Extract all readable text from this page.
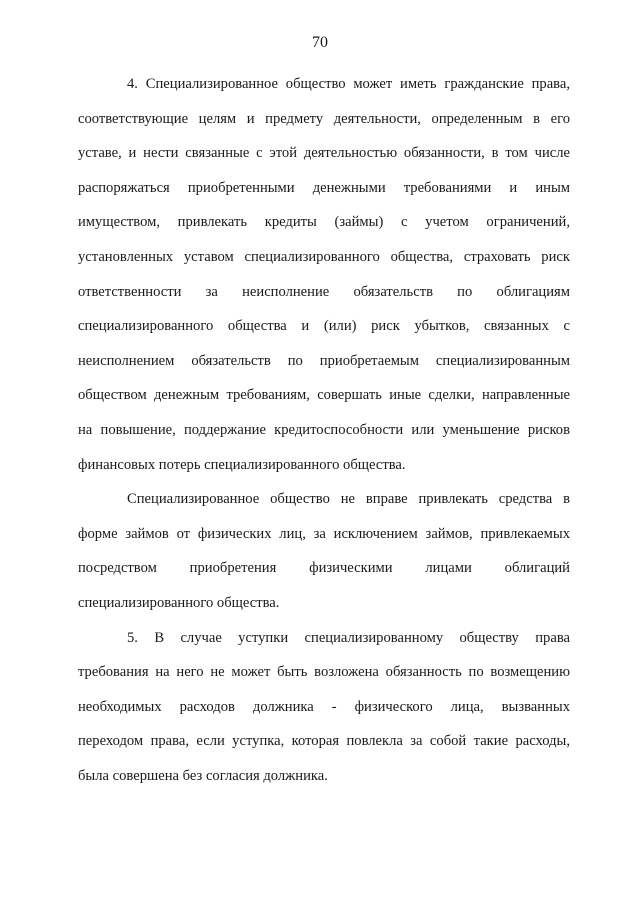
70

4. Специализированное общество может иметь гражданские права,
соответствующие целям и предмету деятельности, определенным в его
уставе, и нести связанные с этой деятельностью обязанности, в том числе
распоряжаться приобретенными денежными требованиями и иным
имуществом, привлекать кредиты (займы) с учетом ограничений,
установленных уставом специализированного общества, страховать риск
ответственности за неисполнение обязательств по облигациям
специализированного общества и (или) риск убытков, связанных с
неисполнением обязательств по приобретаемым специализированным
обществом денежным требованиям, совершать иные сделки, направленные
на повышение, поддержание кредитоспособности или уменьшение рисков
финансовых потерь специализированного общества.

Специализированное общество не вправе привлекать средства в
форме займов от физических лиц, за исключением займов, привлекаемых
посредством приобретения физическими лицами облигаций
специализированного общества.

5. В случае уступки специализированному обществу права
требования на него не может быть возложена обязанность по возмещению
необходимых расходов должника - физического лица, вызванных
переходом права, если уступка, которая повлекла за собой такие расходы,
была совершена без согласия должника.
